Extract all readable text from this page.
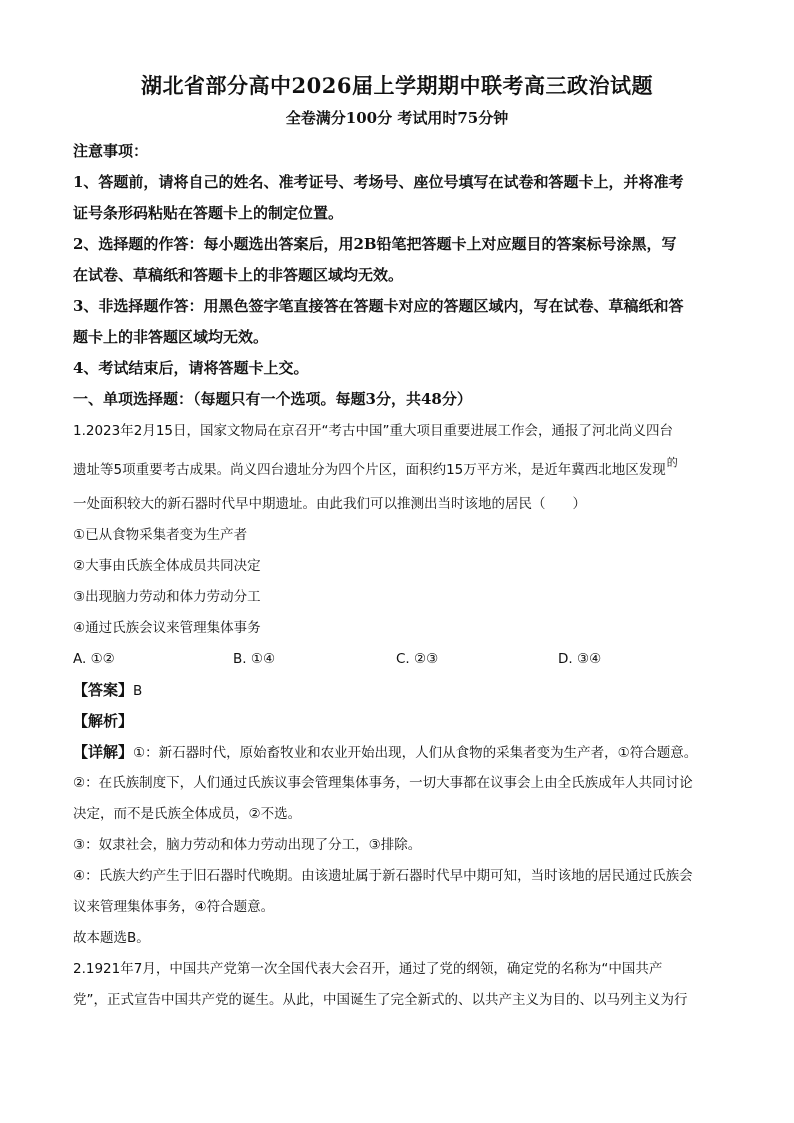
湖北省部分高中2026届上学期期中联考高三政治试题
全卷满分100分 考试用时75分钟
注意事项：
1、答题前，请将自己的姓名、准考证号、考场号、座位号填写在试卷和答题卡上，并将准考
证号条形码粘贴在答题卡上的制定位置。
2、选择题的作答：每小题选出答案后，用2B铅笔把答题卡上对应题目的答案标号涂黑，写
在试卷、草稿纸和答题卡上的非答题区域均无效。
3、非选择题作答：用黑色签字笔直接答在答题卡对应的答题区域内，写在试卷、草稿纸和答
题卡上的非答题区域均无效。
4、考试结束后，请将答题卡上交。
一、单项选择题：（每题只有一个选项。每题3分，共48分）
1.2023年2月15日，国家文物局在京召开“考古中国”重大项目重要进展工作会，通报了河北尚义四台
遗址等5项重要考古成果。尚义四台遗址分为四个片区，面积约15万平方米，是近年冀西北地区发现$^的$
一处面积较大的新石器时代早中期遗址。由此我们可以推测出当时该地的居民（　　）
①已从食物采集者变为生产者
②大事由氏族全体成员共同决定
③出现脑力劳动和体力劳动分工
④通过氏族会议来管理集体事务
A. ①②	B. ①④	C. ②③	D. ③④
【答案】B
【解析】
【详解】①：新石器时代，原始畜牧业和农业开始出现，人们从食物的采集者变为生产者，①符合题意。
②：在氏族制度下，人们通过氏族议事会管理集体事务，一切大事都在议事会上由全氏族成年人共同讨论
决定，而不是氏族全体成员，②不选。
③：奴隶社会，脑力劳动和体力劳动出现了分工，③排除。
④：氏族大约产生于旧石器时代晚期。由该遗址属于新石器时代早中期可知，当时该地的居民通过氏族会
议来管理集体事务，④符合题意。
故本题选B。
2.1921年7月，中国共产党第一次全国代表大会召开，通过了党的纲领，确定党的名称为“中国共产
党”，正式宣告中国共产党的诞生。从此，中国诞生了完全新式的、以共产主义为目的、以马列主义为行
